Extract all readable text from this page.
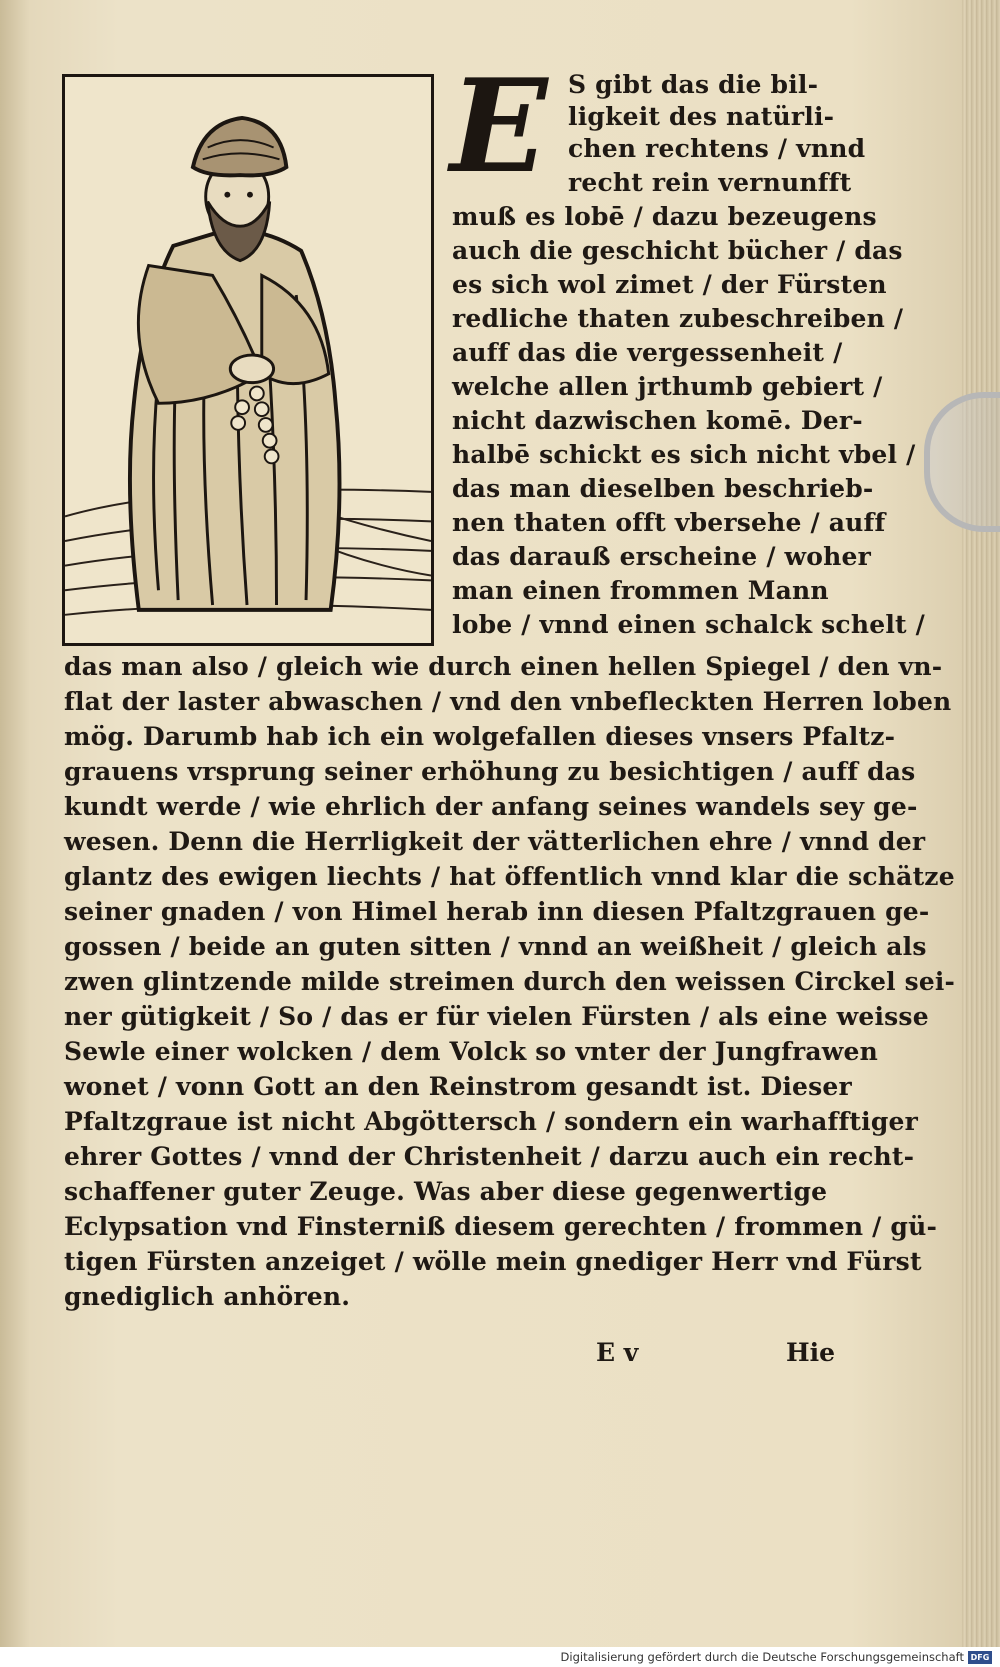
E S gibt das die bil-
ligkeit des natürli-
chen rechtens / vnnd
recht rein vernunfft
muß es lobē / dazu bezeugens
auch die geschicht bücher / das
es sich wol zimet / der Fürsten
redliche thaten zubeschreiben /
auff das die vergessenheit /
welche allen jrthumb gebiert /
nicht dazwischen komē. Der-
halbē schickt es sich nicht vbel /
das man dieselben beschrieb-
nen thaten offt vbersehe / auff
das darauß erscheine / woher
man einen frommen Mann
lobe / vnnd einen schalck schelt /
das man also / gleich wie durch einen hellen Spiegel / den vn-
flat der laster abwaschen / vnd den vnbefleckten Herren loben
mög. Darumb hab ich ein wolgefallen dieses vnsers Pfaltz-
grauens vrsprung seiner erhöhung zu besichtigen / auff das
kundt werde / wie ehrlich der anfang seines wandels sey ge-
wesen. Denn die Herrligkeit der vätterlichen ehre / vnnd der
glantz des ewigen liechts / hat öffentlich vnnd klar die schätze
seiner gnaden / von Himel herab inn diesen Pfaltzgrauen ge-
gossen / beide an guten sitten / vnnd an weißheit / gleich als
zwen glintzende milde streimen durch den weissen Circkel sei-
ner gütigkeit / So / das er für vielen Fürsten / als eine weisse
Sewle einer wolcken / dem Volck so vnter der Jungfrawen
wonet / vonn Gott an den Reinstrom gesandt ist. Dieser
Pfaltzgraue ist nicht Abgöttersch / sondern ein warhafftiger
ehrer Gottes / vnnd der Christenheit / darzu auch ein recht-
schaffener guter Zeuge. Was aber diese gegenwertige
Eclypsation vnd Finsterniß diesem gerechten / frommen / gü-
tigen Fürsten anzeiget / wölle mein gnediger Herr vnd Fürst
gnediglich anhören.
E v	Hie
Digitalisierung gefördert durch die Deutsche Forschungsgemeinschaft DFG
